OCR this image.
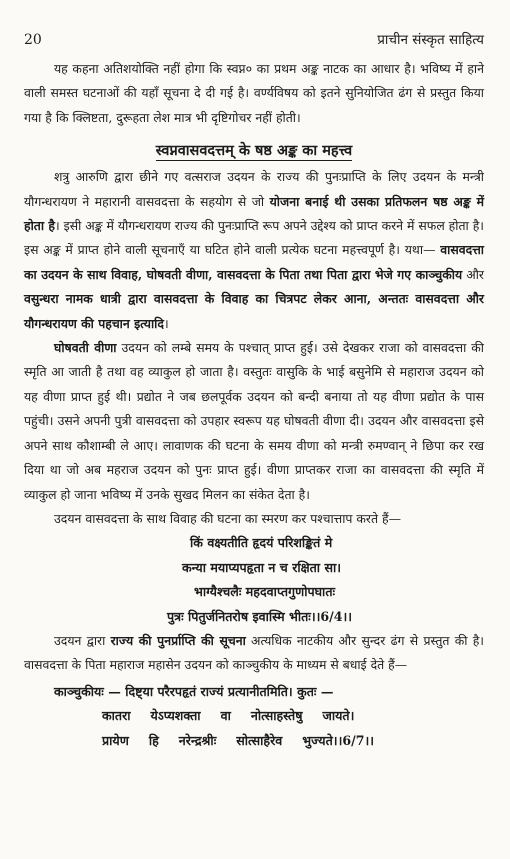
20	प्राचीन संस्कृत साहित्य

यह कहना अतिशयोक्ति नहीं होगा कि स्वप्न० का प्रथम अङ्क नाटक का आधार है। भविष्य में हाने वाली समस्त घटनाओं की यहाँ सूचना दे दी गई है। वर्ण्यविषय को इतने सुनियोजित ढंग से प्रस्तुत किया गया है कि क्लिष्टता, दुरूहता लेश मात्र भी दृष्टिगोचर नहीं होती।

स्वप्नवासवदत्तम् के षष्ठ अङ्क का महत्त्व

शत्रु आरुणि द्वारा छीने गए वत्सराज उदयन के राज्य की पुनःप्राप्ति के लिए उदयन के मन्त्री यौगन्धरायण ने महारानी वासवदत्ता के सहयोग से जो योजना बनाई थी उसका प्रतिफलन षष्ठ अङ्क में होता है। इसी अङ्क में यौगन्धरायण राज्य की पुनःप्राप्ति रूप अपने उद्देश्य को प्राप्त करने में सफल होता है। इस अङ्क में प्राप्त होने वाली सूचनाएँ या घटित होने वाली प्रत्येक घटना महत्त्वपूर्ण है। यथा— वासवदत्ता का उदयन के साथ विवाह, घोषवती वीणा, वासवदत्ता के पिता तथा पिता द्वारा भेजे गए काञ्चुकीय और वसुन्धरा नामक धात्री द्वारा वासवदत्ता के विवाह का चित्रपट लेकर आना, अन्ततः वासवदत्ता और यौगन्धरायण की पहचान इत्यादि।

घोषवती वीणा उदयन को लम्बे समय के पश्चात् प्राप्त हुई। उसे देखकर राजा को वासवदत्ता की स्मृति आ जाती है तथा वह व्याकुल हो जाता है। वस्तुतः वासुकि के भाई बसुनेमि से महाराज उदयन को यह वीणा प्राप्त हुई थी। प्रद्योत ने जब छलपूर्वक उदयन को बन्दी बनाया तो यह वीणा प्रद्योत के पास पहुंची। उसने अपनी पुत्री वासवदत्ता को उपहार स्वरूप यह घोषवती वीणा दी। उदयन और वासवदत्ता इसे अपने साथ कौशाम्बी ले आए। लावाणक की घटना के समय वीणा को मन्त्री रुमण्वान् ने छिपा कर रख दिया था जो अब महराज उदयन को पुनः प्राप्त हुई। वीणा प्राप्तकर राजा का वासवदत्ता की स्मृति में व्याकुल हो जाना भविष्य में उनके सुखद मिलन का संकेत देता है।

उदयन वासवदत्ता के साथ विवाह की घटना का स्मरण कर पश्चात्ताप करते हैं—

किं वक्ष्यतीति हृदयं परिशङ्कितं मे

कन्या मयाप्यपहृता न च रक्षिता सा।

भाग्यैश्चलैः महदवाप्तगुणोपघातः

पुत्रः पितुर्जनितरोष इवास्मि भीतः।।6/4।।

उदयन द्वारा राज्य की पुनर्प्राप्ति की सूचना अत्यधिक नाटकीय और सुन्दर ढंग से प्रस्तुत की है। वासवदत्ता के पिता महाराज महासेन उदयन को काञ्चुकीय के माध्यम से बधाई देते हैं—

काञ्चुकीयः — दिष्ट्या परैरपहृतं राज्यं प्रत्यानीतमिति। कुतः —

कातरा येऽप्यशक्ता वा नोत्साहस्तेषु जायते।
प्रायेण हि नरेन्द्रश्रीः सोत्साहैरेव भुज्यते।।6/7।।
